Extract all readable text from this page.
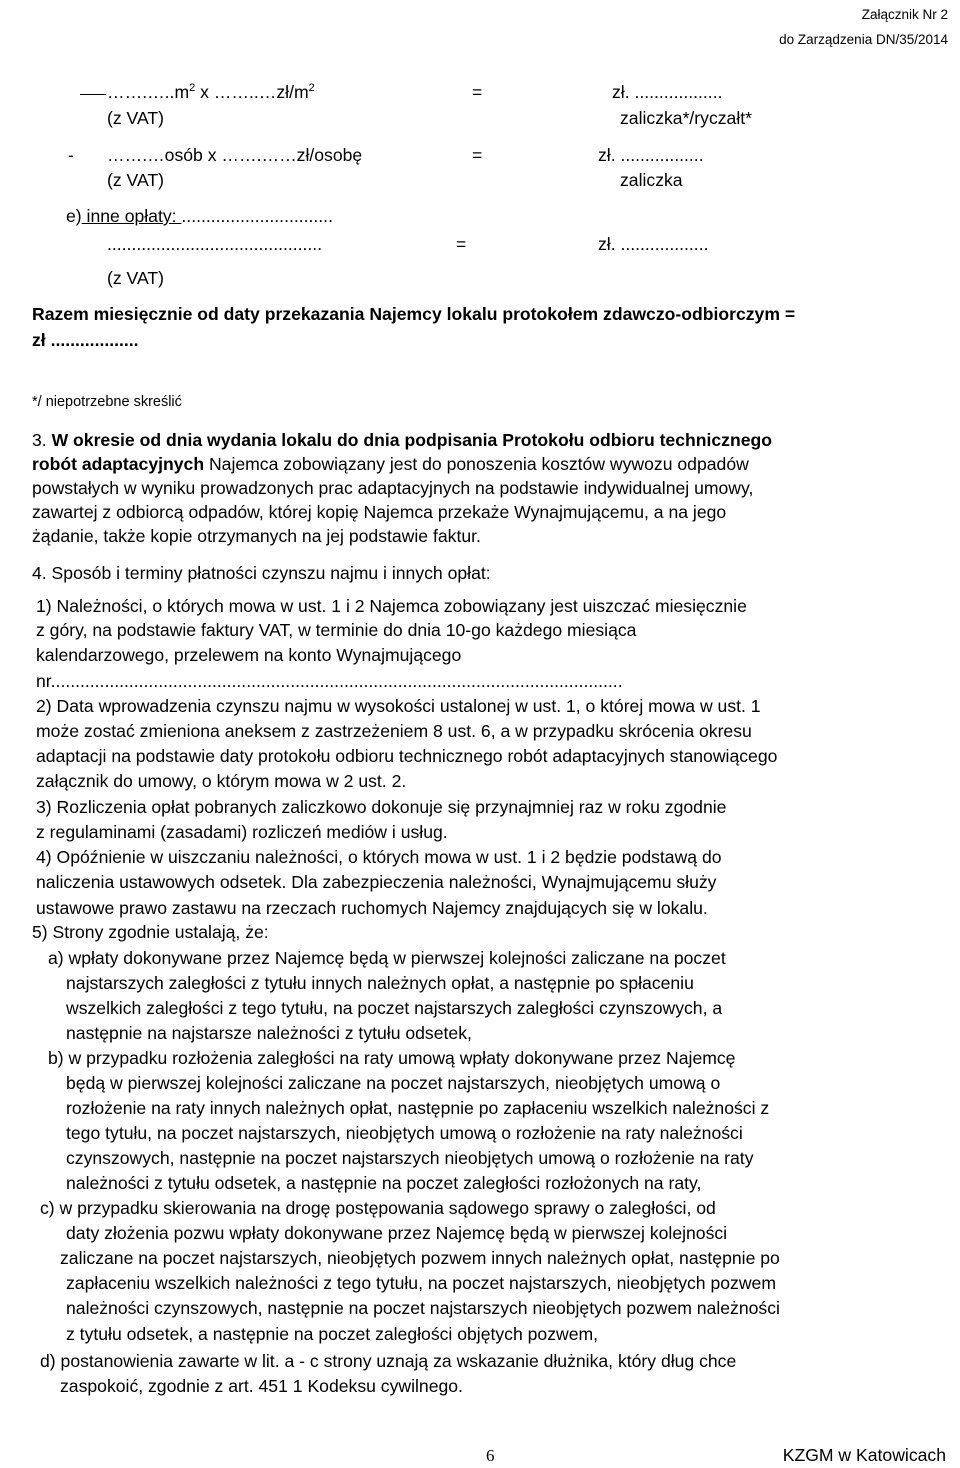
Załącznik Nr 2
do Zarządzenia DN/35/2014
$\dots\dots.\dots..m^2$ x $\dots\dots..\dots zł/m^2$	=	zł. ..................
(z VAT)	zaliczka*/ryczałt*
- …….…osób x …….……zł/osobę	=	zł. .................
(z VAT)	zaliczka
e) inne opłaty: ...............................
............................................	=	zł. ..................
(z VAT)
Razem miesięcznie od daty przekazania Najemcy lokalu protokołem zdawczo-odbiorczym =
zł ..................
*/ niepotrzebne skreślić
3. W okresie od dnia wydania lokalu do dnia podpisania Protokołu odbioru technicznego
robót adaptacyjnych Najemca zobowiązany jest do ponoszenia kosztów wywozu odpadów
powstałych w wyniku prowadzonych prac adaptacyjnych na podstawie indywidualnej umowy,
zawartej z odbiorcą odpadów, której kopię Najemca przekaże Wynajmującemu, a na jego
żądanie, także kopie otrzymanych na jej podstawie faktur.
4. Sposób i terminy płatności czynszu najmu i innych opłat:
1) Należności, o których mowa w ust. 1 i 2 Najemca zobowiązany jest uiszczać miesięcznie
z góry, na podstawie faktury VAT, w terminie do dnia 10-go każdego miesiąca
kalendarzowego, przelewem na konto Wynajmującego
nr.....................................................................................................................
2) Data wprowadzenia czynszu najmu w wysokości ustalonej w ust. 1, o której mowa w ust. 1
może zostać zmieniona aneksem z zastrzeżeniem 8 ust. 6, a w przypadku skrócenia okresu
adaptacji na podstawie daty protokołu odbioru technicznego robót adaptacyjnych stanowiącego
załącznik do umowy, o którym mowa w 2 ust. 2.
3) Rozliczenia opłat pobranych zaliczkowo dokonuje się przynajmniej raz w roku zgodnie
z regulaminami (zasadami) rozliczeń mediów i usług.
4) Opóźnienie w uiszczaniu należności, o których mowa w ust. 1 i 2 będzie podstawą do
naliczenia ustawowych odsetek. Dla zabezpieczenia należności, Wynajmującemu służy
ustawowe prawo zastawu na rzeczach ruchomych Najemcy znajdujących się w lokalu.
5) Strony zgodnie ustalają, że:
a) wpłaty dokonywane przez Najemcę będą w pierwszej kolejności zaliczane na poczet
najstarszych zaległości z tytułu innych należnych opłat, a następnie po spłaceniu
wszelkich zaległości z tego tytułu, na poczet najstarszych zaległości czynszowych, a
następnie na najstarsze należności z tytułu odsetek,
b) w przypadku rozłożenia zaległości na raty umową wpłaty dokonywane przez Najemcę
będą w pierwszej kolejności zaliczane na poczet najstarszych, nieobjętych umową o
rozłożenie na raty innych należnych opłat, następnie po zapłaceniu wszelkich należności z
tego tytułu, na poczet najstarszych, nieobjętych umową o rozłożenie na raty należności
czynszowych, następnie na poczet najstarszych nieobjętych umową o rozłożenie na raty
należności z tytułu odsetek, a następnie na poczet zaległości rozłożonych na raty,
c) w przypadku skierowania na drogę postępowania sądowego sprawy o zaległości, od
daty złożenia pozwu wpłaty dokonywane przez Najemcę będą w pierwszej kolejności
zaliczane na poczet najstarszych, nieobjętych pozwem innych należnych opłat, następnie po
zapłaceniu wszelkich należności z tego tytułu, na poczet najstarszych, nieobjętych pozwem
należności czynszowych, następnie na poczet najstarszych nieobjętych pozwem należności
z tytułu odsetek, a następnie na poczet zaległości objętych pozwem,
d) postanowienia zawarte w lit. a - c strony uznają za wskazanie dłużnika, który dług chce
zaspokoić, zgodnie z art. 451 1 Kodeksu cywilnego.
6	KZGM w Katowicach
